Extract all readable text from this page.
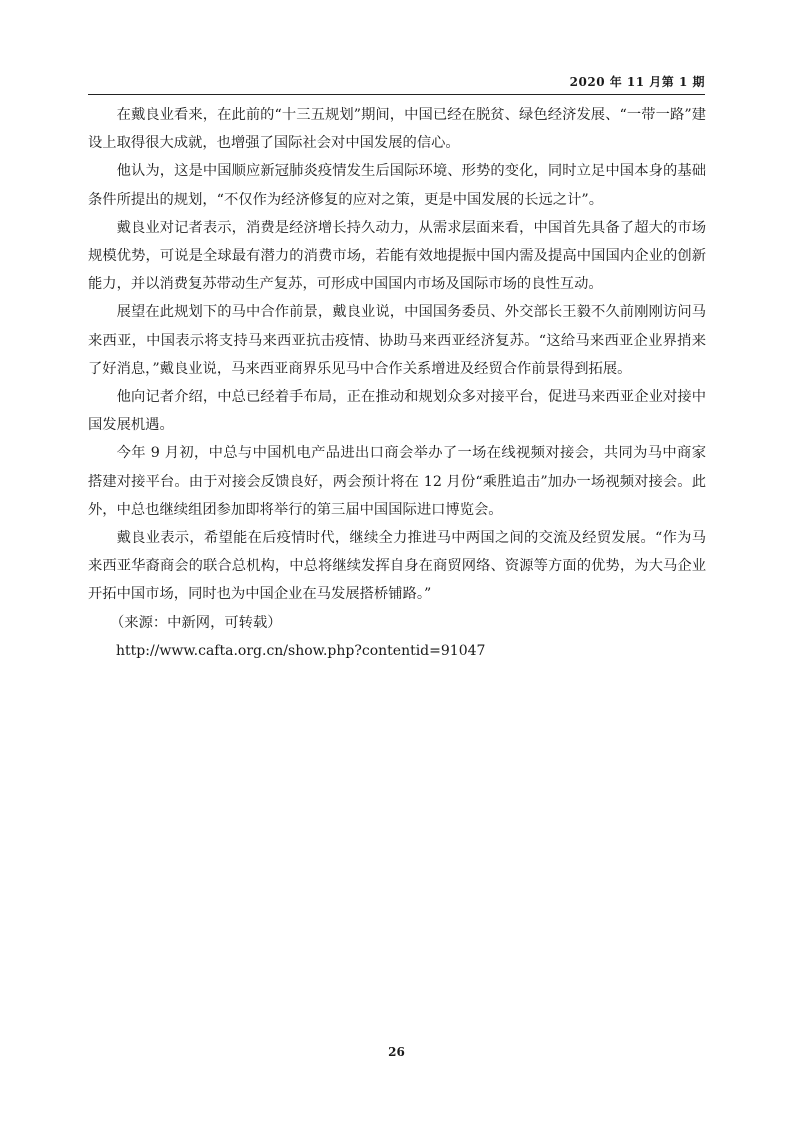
2020 年 11 月第 1 期

在戴良业看来，在此前的“十三五规划”期间，中国已经在脱贫、绿色经济发展、“一带一路”建设上取得很大成就，也增强了国际社会对中国发展的信心。

他认为，这是中国顺应新冠肺炎疫情发生后国际环境、形势的变化，同时立足中国本身的基础条件所提出的规划，“不仅作为经济修复的应对之策，更是中国发展的长远之计”。

戴良业对记者表示，消费是经济增长持久动力，从需求层面来看，中国首先具备了超大的市场规模优势，可说是全球最有潜力的消费市场，若能有效地提振中国内需及提高中国国内企业的创新能力，并以消费复苏带动生产复苏，可形成中国国内市场及国际市场的良性互动。

展望在此规划下的马中合作前景，戴良业说，中国国务委员、外交部长王毅不久前刚刚访问马来西亚，中国表示将支持马来西亚抗击疫情、协助马来西亚经济复苏。“这给马来西亚企业界捎来了好消息，”戴良业说，马来西亚商界乐见马中合作关系增进及经贸合作前景得到拓展。

他向记者介绍，中总已经着手布局，正在推动和规划众多对接平台，促进马来西亚企业对接中国发展机遇。

今年 9 月初，中总与中国机电产品进出口商会举办了一场在线视频对接会，共同为马中商家搭建对接平台。由于对接会反馈良好，两会预计将在 12 月份“乘胜追击”加办一场视频对接会。此外，中总也继续组团参加即将举行的第三届中国国际进口博览会。

戴良业表示，希望能在后疫情时代，继续全力推进马中两国之间的交流及经贸发展。“作为马来西亚华裔商会的联合总机构，中总将继续发挥自身在商贸网络、资源等方面的优势，为大马企业开拓中国市场，同时也为中国企业在马发展搭桥铺路。”

（来源：中新网，可转载）

http://www.cafta.org.cn/show.php?contentid=91047

26
